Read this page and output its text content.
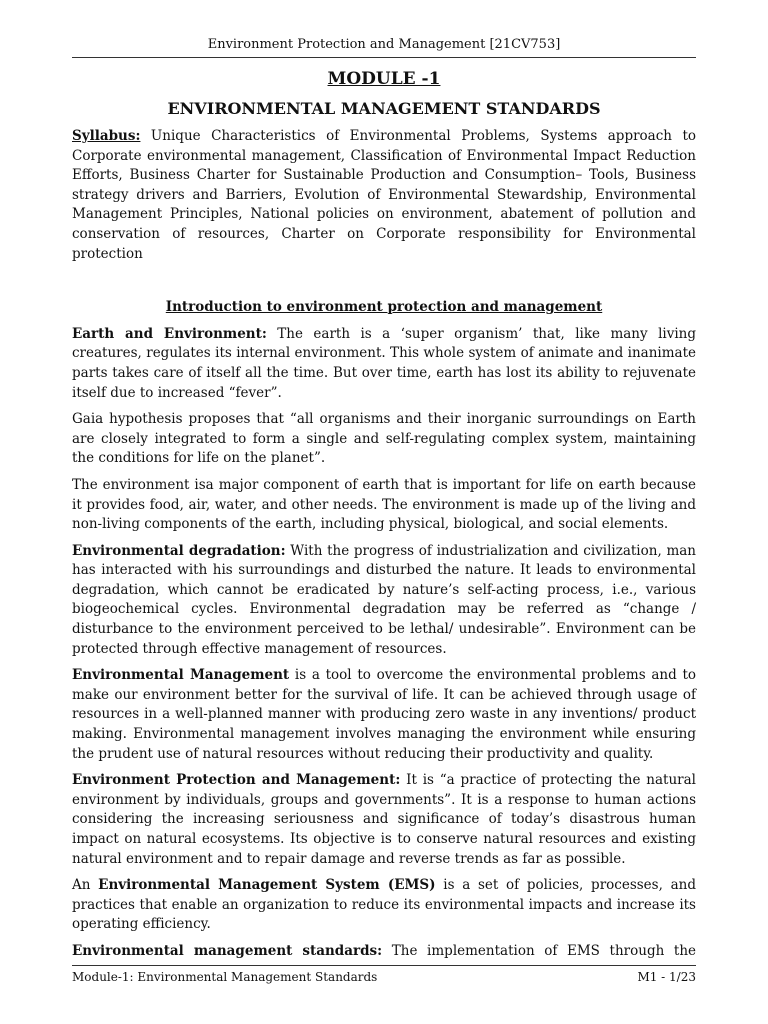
Environment Protection and Management [21CV753]
MODULE -1
ENVIRONMENTAL MANAGEMENT STANDARDS

Syllabus: Unique Characteristics of Environmental Problems, Systems approach to Corporate environmental management, Classification of Environmental Impact Reduction Efforts, Business Charter for Sustainable Production and Consumption– Tools, Business strategy drivers and Barriers, Evolution of Environmental Stewardship, Environmental Management Principles, National policies on environment, abatement of pollution and conservation of resources, Charter on Corporate responsibility for Environmental protection

Introduction to environment protection and management

Earth and Environment: The earth is a ‘super organism’ that, like many living creatures, regulates its internal environment. This whole system of animate and inanimate parts takes care of itself all the time. But over time, earth has lost its ability to rejuvenate itself due to increased “fever”.

Gaia hypothesis proposes that “all organisms and their inorganic surroundings on Earth are closely integrated to form a single and self-regulating complex system, maintaining the conditions for life on the planet”.

The environment isa major component of earth that is important for life on earth because it provides food, air, water, and other needs. The environment is made up of the living and non-living components of the earth, including physical, biological, and social elements.

Environmental degradation: With the progress of industrialization and civilization, man has interacted with his surroundings and disturbed the nature. It leads to environmental degradation, which cannot be eradicated by nature’s self-acting process, i.e., various biogeochemical cycles. Environmental degradation may be referred as “change / disturbance to the environment perceived to be lethal/ undesirable”. Environment can be protected through effective management of resources.

Environmental Management is a tool to overcome the environmental problems and to make our environment better for the survival of life. It can be achieved through usage of resources in a well-planned manner with producing zero waste in any inventions/ product making. Environmental management involves managing the environment while ensuring the prudent use of natural resources without reducing their productivity and quality.

Environment Protection and Management: It is “a practice of protecting the natural environment by individuals, groups and governments”. It is a response to human actions considering the increasing seriousness and significance of today’s disastrous human impact on natural ecosystems. Its objective is to conserve natural resources and existing natural environment and to repair damage and reverse trends as far as possible.

An Environmental Management System (EMS) is a set of policies, processes, and practices that enable an organization to reduce its environmental impacts and increase its operating efficiency.

Environmental management standards: The implementation of EMS through the

Module-1: Environmental Management Standards	M1 - 1/23
